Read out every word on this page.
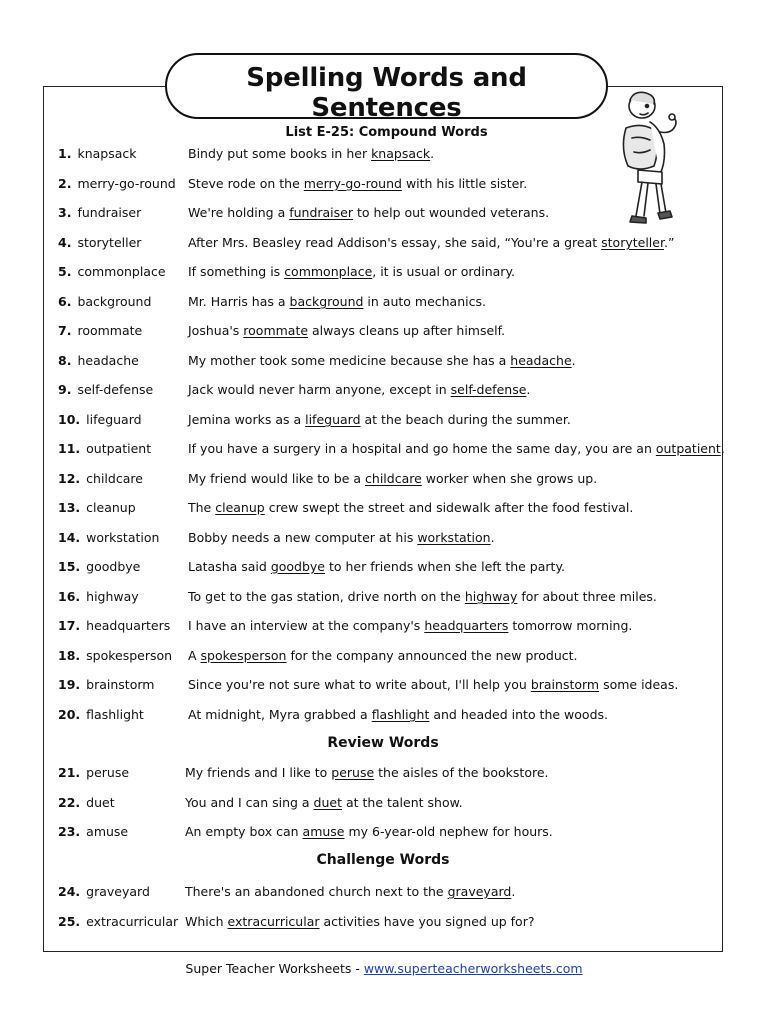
Spelling Words and Sentences
List E-25: Compound Words
1. knapsack	Bindy put some books in her knapsack.
2. merry-go-round Steve rode on the merry-go-round with his little sister.
3. fundraiser	We're holding a fundraiser to help out wounded veterans.
4. storyteller	After Mrs. Beasley read Addison's essay, she said, “You're a great storyteller.”
5. commonplace If something is commonplace, it is usual or ordinary.
6. background	Mr. Harris has a background in auto mechanics.
7. roommate	Joshua's roommate always cleans up after himself.
8. headache	My mother took some medicine because she has a headache.
9. self-defense	Jack would never harm anyone, except in self-defense.
10. lifeguard	Jemina works as a lifeguard at the beach during the summer.
11. outpatient	If you have a surgery in a hospital and go home the same day, you are an outpatient.
12. childcare	My friend would like to be a childcare worker when she grows up.
13. cleanup	The cleanup crew swept the street and sidewalk after the food festival.
14. workstation Bobby needs a new computer at his workstation.
15. goodbye	Latasha said goodbye to her friends when she left the party.
16. highway	To get to the gas station, drive north on the highway for about three miles.
17. headquarters I have an interview at the company's headquarters tomorrow morning.
18. spokesperson A spokesperson for the company announced the new product.
19. brainstorm	Since you're not sure what to write about, I'll help you brainstorm some ideas.
20. flashlight	At midnight, Myra grabbed a flashlight and headed into the woods.
Review Words
21. peruse	My friends and I like to peruse the aisles of the bookstore.
22. duet	You and I can sing a duet at the talent show.
23. amuse	An empty box can amuse my 6-year-old nephew for hours.
Challenge Words
24. graveyard	There's an abandoned church next to the graveyard.
25. extracurricular Which extracurricular activities have you signed up for?
Super Teacher Worksheets - www.superteacherworksheets.com
